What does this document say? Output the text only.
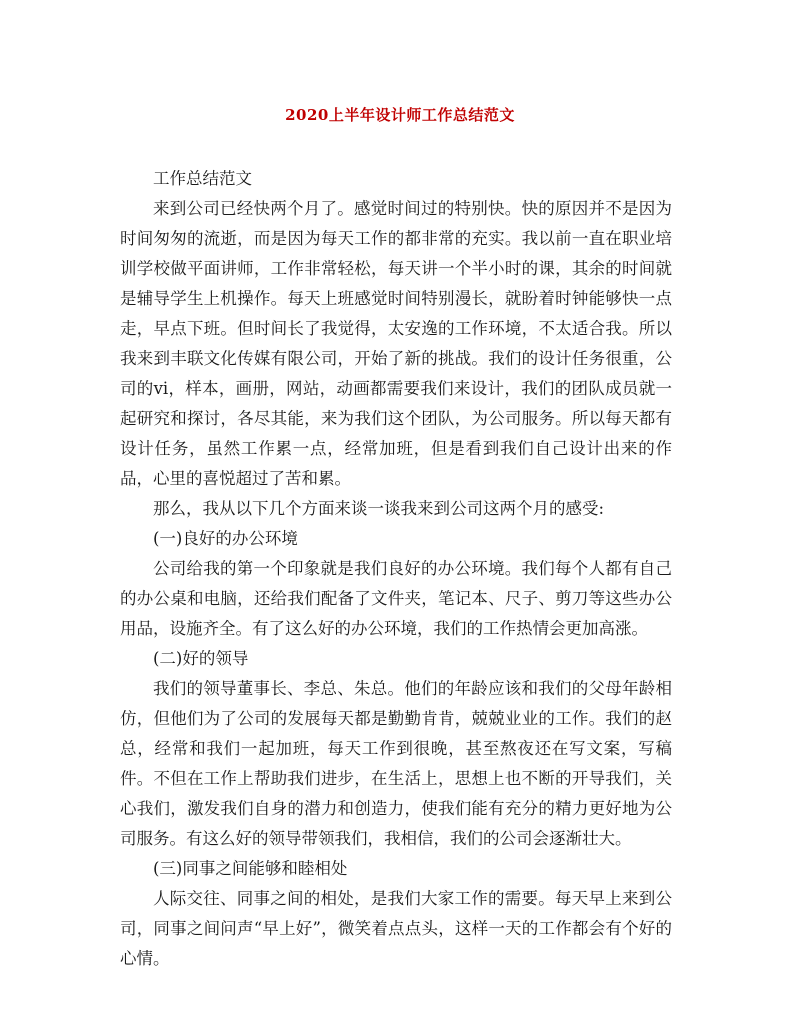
2020上半年设计师工作总结范文

工作总结范文

来到公司已经快两个月了。感觉时间过的特别快。快的原因并不是因为时间匆匆的流逝，而是因为每天工作的都非常的充实。我以前一直在职业培训学校做平面讲师，工作非常轻松，每天讲一个半小时的课，其余的时间就是辅导学生上机操作。每天上班感觉时间特别漫长，就盼着时钟能够快一点走，早点下班。但时间长了我觉得，太安逸的工作环境，不太适合我。所以我来到丰联文化传媒有限公司，开始了新的挑战。我们的设计任务很重，公司的vi，样本，画册，网站，动画都需要我们来设计，我们的团队成员就一起研究和探讨，各尽其能，来为我们这个团队，为公司服务。所以每天都有设计任务，虽然工作累一点，经常加班，但是看到我们自己设计出来的作品，心里的喜悦超过了苦和累。

那么，我从以下几个方面来谈一谈我来到公司这两个月的感受:

(一)良好的办公环境

公司给我的第一个印象就是我们良好的办公环境。我们每个人都有自己的办公桌和电脑，还给我们配备了文件夹，笔记本、尺子、剪刀等这些办公用品，设施齐全。有了这么好的办公环境，我们的工作热情会更加高涨。

(二)好的领导

我们的领导董事长、李总、朱总。他们的年龄应该和我们的父母年龄相仿，但他们为了公司的发展每天都是勤勤肯肯，兢兢业业的工作。我们的赵总，经常和我们一起加班，每天工作到很晚，甚至熬夜还在写文案，写稿件。不但在工作上帮助我们进步，在生活上，思想上也不断的开导我们，关心我们，激发我们自身的潜力和创造力，使我们能有充分的精力更好地为公司服务。有这么好的领导带领我们，我相信，我们的公司会逐渐壮大。

(三)同事之间能够和睦相处

人际交往、同事之间的相处，是我们大家工作的需要。每天早上来到公司，同事之间问声“早上好”，微笑着点点头，这样一天的工作都会有个好的心情。
